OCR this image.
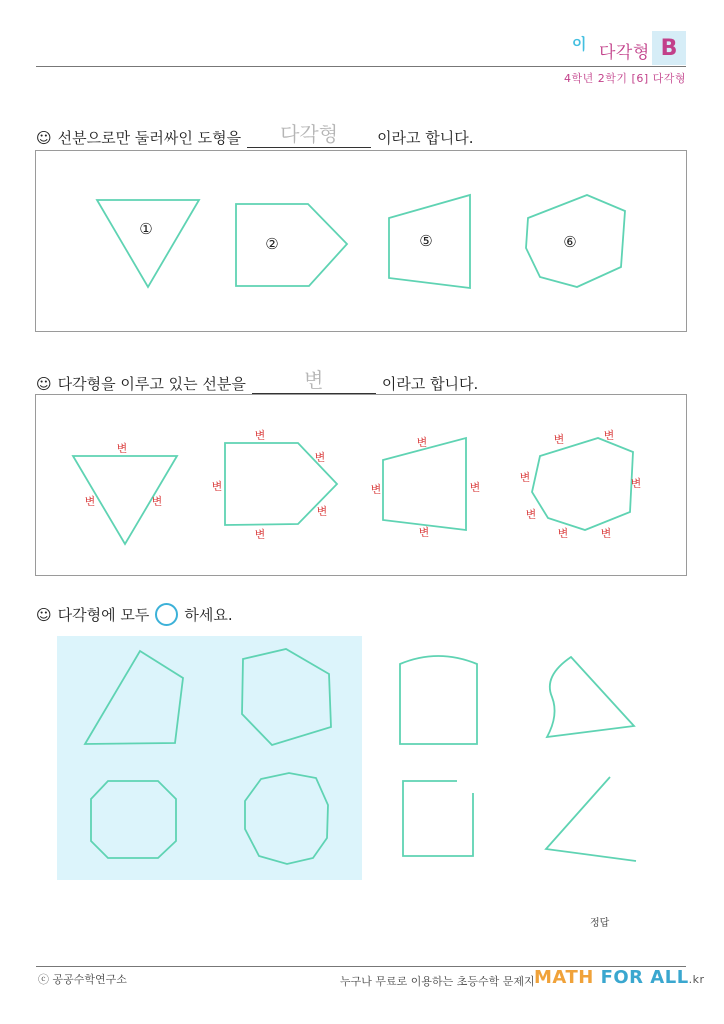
이 다각형 B
4학년 2학기 [6] 다각형
☺ 선분으로만 둘러싸인 도형을 다각형	이라고 합니다.
①
②	⑤	⑥
☺ 다각형을 이루고 있는 선분을	변	이라고 합니다.
변
변	변
변
변
변
변
변
변
변	변
변
변	변
변	변
변
변	변
☺ 다각형에 모두 ○ 하세요.
정답
ⓒ 공공수학연구소	누구나 무료로 이용하는 초등수학 문제지 MATH FOR ALL.kr
